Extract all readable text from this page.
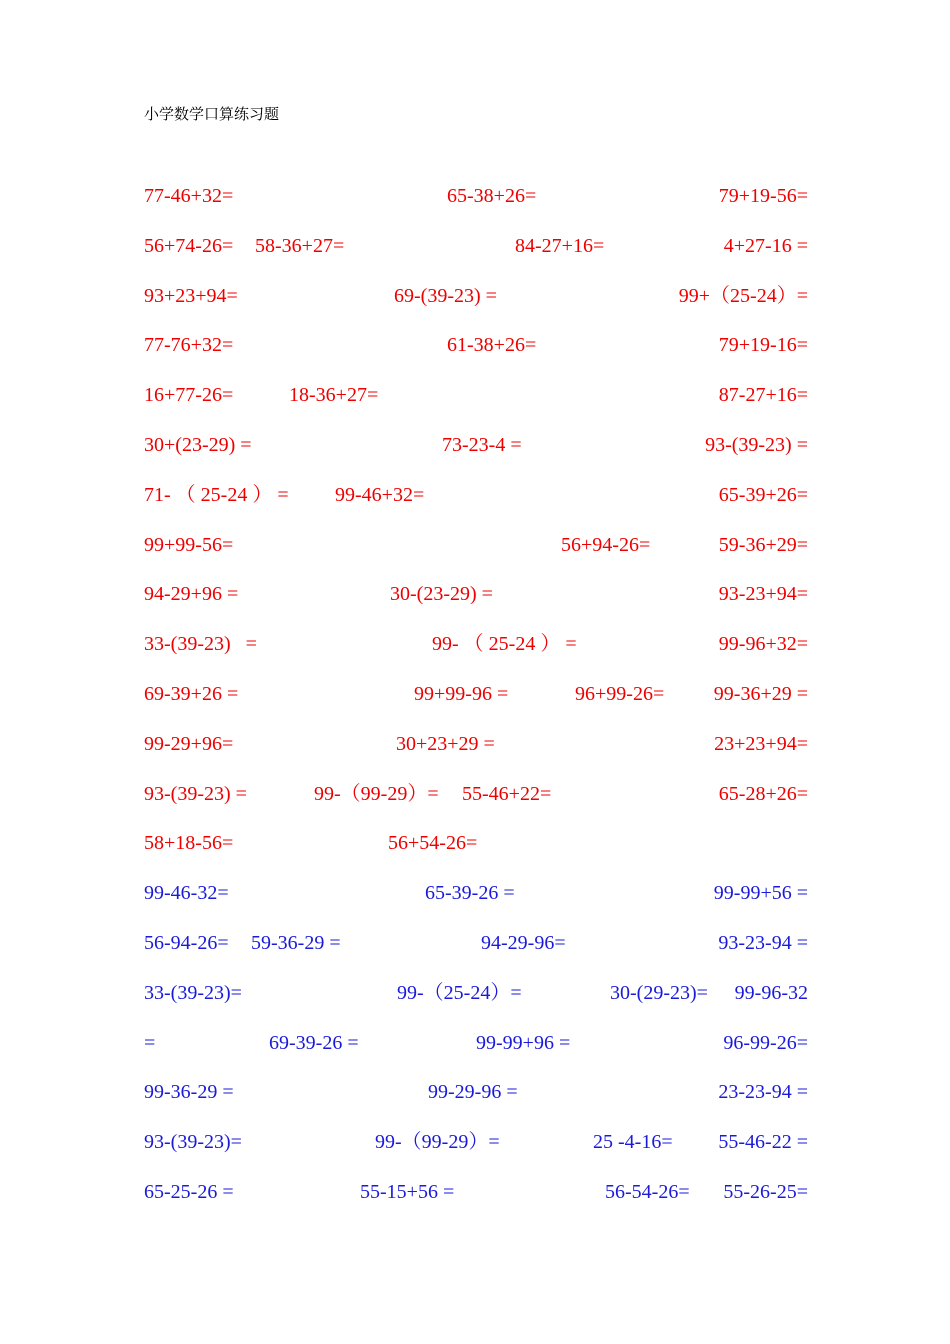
小学数学口算练习题
77-46+32=	65-38+26=	79+19-56=
56+74-26= 58-36+27=	84-27+16=	4+27-16 =
93+23+94=	69-(39-23) =	99+（25-24）=
77-76+32=	61-38+26=	79+19-16=
16+77-26=	18-36+27=	87-27+16=
30+(23-29) =	73-23-4 =	93-(39-23) =
71- （ 25-24 ） = 99-46+32=	65-39+26=
99+99-56=	56+94-26=	59-36+29=
94-29+96 =	30-(23-29) =	93-23+94=
33-(39-23)   =	99- （ 25-24 ） =	99-96+32=
69-39+26 =	99+99-96 =	96+99-26= 99-36+29 =
99-29+96=	30+23+29 =	23+23+94=
93-(39-23) =	99-（99-29）= 55-46+22=	65-28+26=
58+18-56=	56+54-26=
99-46-32=	65-39-26 =	99-99+56 =
56-94-26= 59-36-29 =	94-29-96=	93-23-94 =
33-(39-23)=	99-（25-24）=	30-(29-23)= 99-96-32
=	69-39-26 =	99-99+96 =	96-99-26=
99-36-29 =	99-29-96 =	23-23-94 =
93-(39-23)=	99-（99-29）=	25 -4-16= 55-46-22 =
65-25-26 =	55-15+56 =	56-54-26= 55-26-25=
